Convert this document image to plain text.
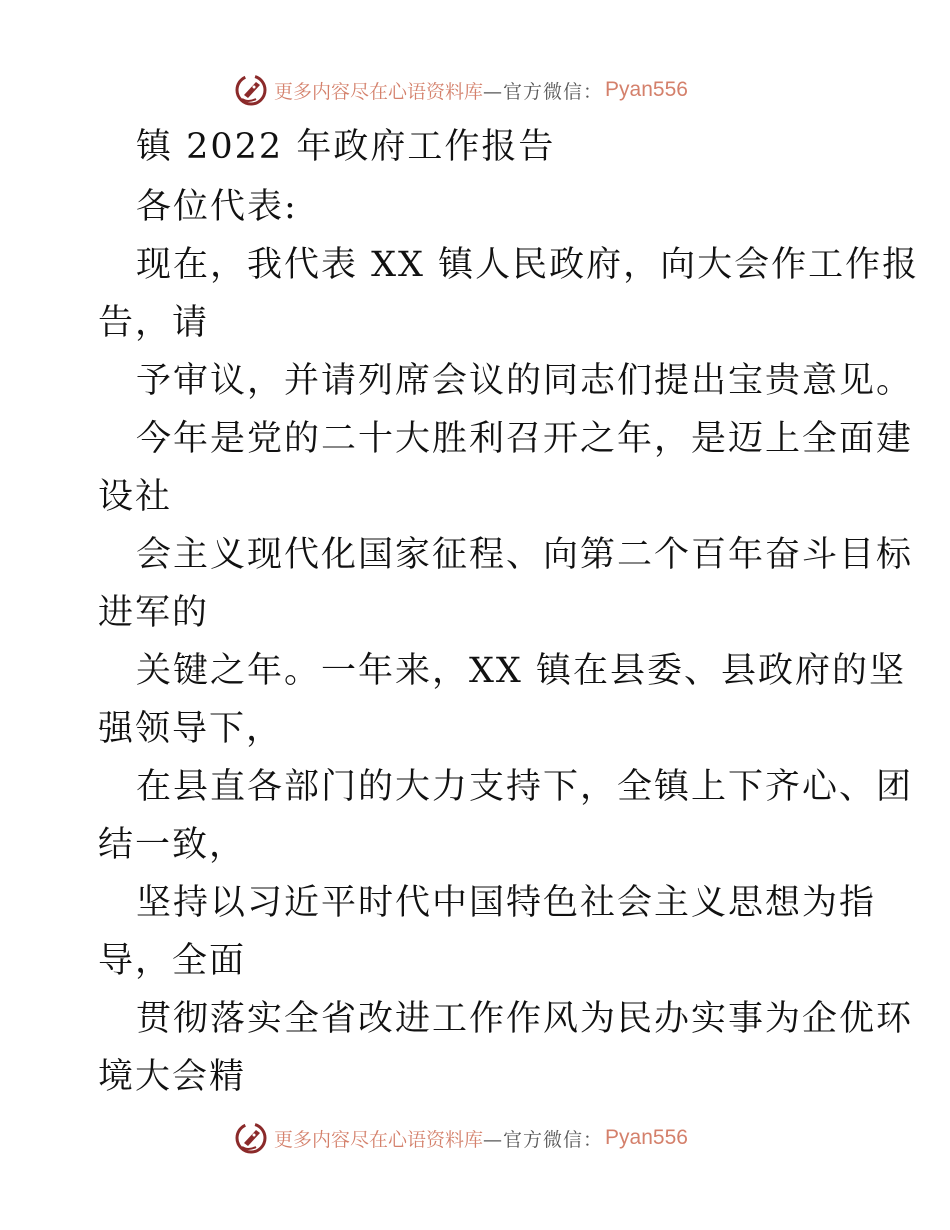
更多内容尽在心语资料库 —官方微信： Pyan556
镇 2022 年政府工作报告
各位代表:
现在，我代表 XX 镇人民政府，向大会作工作报
告，请
予审议，并请列席会议的同志们提出宝贵意见。
今年是党的二十大胜利召开之年，是迈上全面建
设社
会主义现代化国家征程、向第二个百年奋斗目标
进军的
关键之年。一年来，XX 镇在县委、县政府的坚
强领导下，
在县直各部门的大力支持下，全镇上下齐心、团
结一致，
坚持以习近平时代中国特色社会主义思想为指
导，全面
贯彻落实全省改进工作作风为民办实事为企优环
境大会精
更多内容尽在心语资料库 —官方微信： Pyan556
